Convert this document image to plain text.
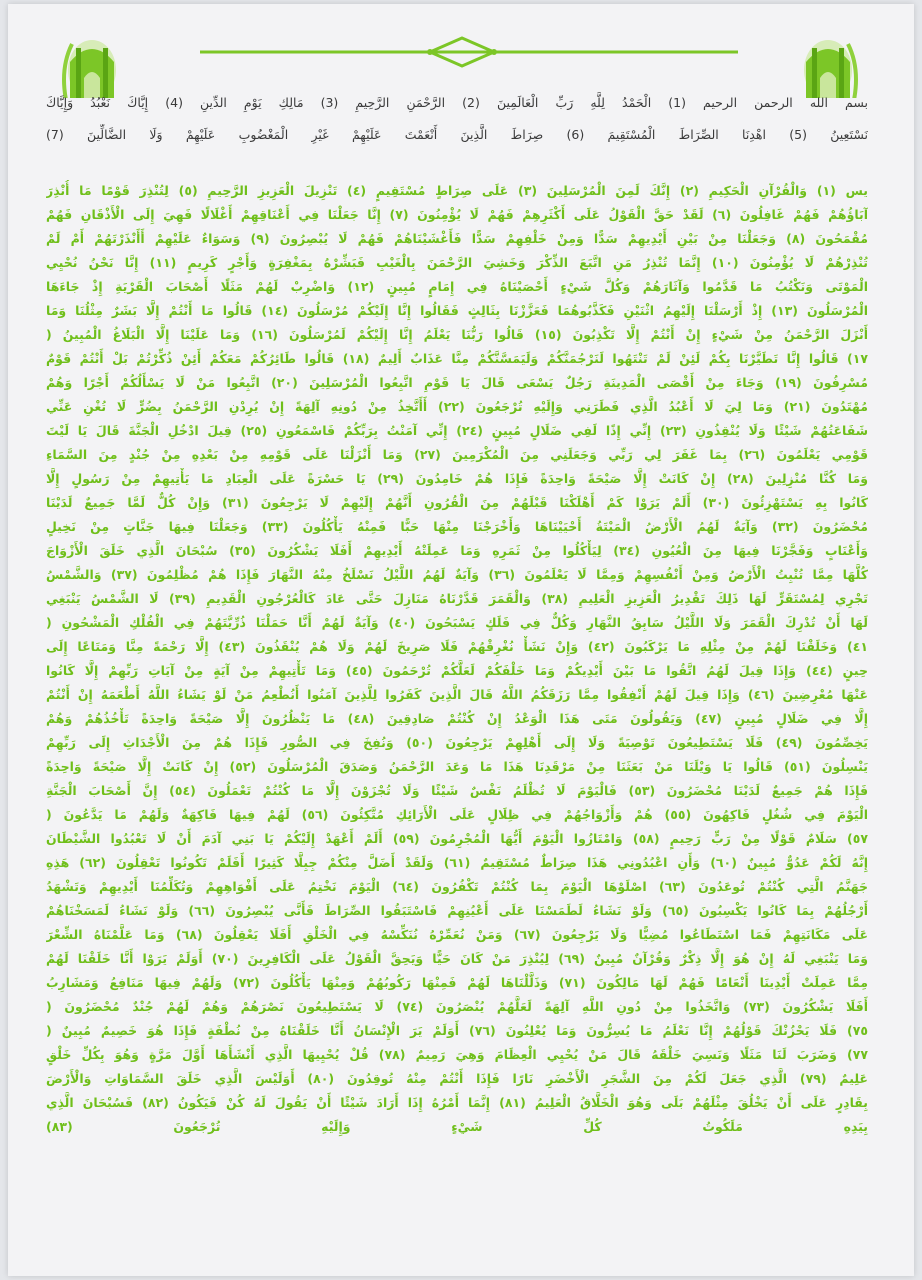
بسم الله الرحمن الرحيم (1) الْحَمْدُ لِلَّهِ رَبِّ الْعَالَمِينَ (2) الرَّحْمَنِ الرَّحِيمِ (3) مَالِكِ يَوْمِ الدِّينِ (4) إِيَّاكَ نَعْبُدُ وَإِيَّاكَ
نَسْتَعِينُ (5) اهْدِنَا الصِّرَاطَ الْمُسْتَقِيمَ (6) صِرَاطَ الَّذِينَ أَنْعَمْتَ عَلَيْهِمْ غَيْرِ الْمَغْضُوبِ عَلَيْهِمْ وَلَا الضَّالِّينَ (7)
يس (١) وَالْقُرْآنِ الْحَكِيمِ (٢) إِنَّكَ لَمِنَ الْمُرْسَلِينَ (٣) عَلَى صِرَاطٍ مُسْتَقِيمٍ (٤) تَنْزِيلَ الْعَزِيزِ الرَّحِيمِ (٥) لِتُنْذِرَ قَوْمًا مَا أُنْذِرَ
آبَاؤُهُمْ فَهُمْ غَافِلُونَ (٦) لَقَدْ حَقَّ الْقَوْلُ عَلَى أَكْثَرِهِمْ فَهُمْ لَا يُؤْمِنُونَ (٧) إِنَّا جَعَلْنَا فِي أَعْنَاقِهِمْ أَغْلَالًا فَهِيَ إِلَى الْأَذْقَانِ فَهُمْ
مُقْمَحُونَ (٨) وَجَعَلْنَا مِنْ بَيْنِ أَيْدِيهِمْ سَدًّا وَمِنْ خَلْفِهِمْ سَدًّا فَأَغْشَيْنَاهُمْ فَهُمْ لَا يُبْصِرُونَ (٩) وَسَوَاءٌ عَلَيْهِمْ أَأَنْذَرْتَهُمْ أَمْ لَمْ
تُنْذِرْهُمْ لَا يُؤْمِنُونَ (١٠) إِنَّمَا تُنْذِرُ مَنِ اتَّبَعَ الذِّكْرَ وَخَشِيَ الرَّحْمَنَ بِالْغَيْبِ فَبَشِّرْهُ بِمَغْفِرَةٍ وَأَجْرٍ كَرِيمٍ (١١) إِنَّا نَحْنُ نُحْيِي
الْمَوْتَى وَنَكْتُبُ مَا قَدَّمُوا وَآثَارَهُمْ وَكُلَّ شَيْءٍ أَحْصَيْنَاهُ فِي إِمَامٍ مُبِينٍ (١٢) وَاضْرِبْ لَهُمْ مَثَلًا أَصْحَابَ الْقَرْيَةِ إِذْ جَاءَهَا
الْمُرْسَلُونَ (١٣) إِذْ أَرْسَلْنَا إِلَيْهِمُ اثْنَيْنِ فَكَذَّبُوهُمَا فَعَزَّزْنَا بِثَالِثٍ فَقَالُوا إِنَّا إِلَيْكُمْ مُرْسَلُونَ (١٤) قَالُوا مَا أَنْتُمْ إِلَّا بَشَرٌ مِثْلُنَا وَمَا
أَنْزَلَ الرَّحْمَنُ مِنْ شَيْءٍ إِنْ أَنْتُمْ إِلَّا تَكْذِبُونَ (١٥) قَالُوا رَبُّنَا يَعْلَمُ إِنَّا إِلَيْكُمْ لَمُرْسَلُونَ (١٦) وَمَا عَلَيْنَا إِلَّا الْبَلَاغُ الْمُبِينُ (
١٧) قَالُوا إِنَّا تَطَيَّرْنَا بِكُمْ لَئِنْ لَمْ تَنْتَهُوا لَنَرْجُمَنَّكُمْ وَلَيَمَسَّنَّكُمْ مِنَّا عَذَابٌ أَلِيمٌ (١٨) قَالُوا طَائِرُكُمْ مَعَكُمْ أَئِنْ ذُكِّرْتُمْ بَلْ أَنْتُمْ قَوْمٌ
مُسْرِفُونَ (١٩) وَجَاءَ مِنْ أَقْصَى الْمَدِينَةِ رَجُلٌ يَسْعَى قَالَ يَا قَوْمِ اتَّبِعُوا الْمُرْسَلِينَ (٢٠) اتَّبِعُوا مَنْ لَا يَسْأَلُكُمْ أَجْرًا وَهُمْ
مُهْتَدُونَ (٢١) وَمَا لِيَ لَا أَعْبُدُ الَّذِي فَطَرَنِي وَإِلَيْهِ تُرْجَعُونَ (٢٢) أَأَتَّخِذُ مِنْ دُونِهِ آلِهَةً إِنْ يُرِدْنِ الرَّحْمَنُ بِضُرٍّ لَا تُغْنِ عَنِّي
شَفَاعَتُهُمْ شَيْئًا وَلَا يُنْقِذُونِ (٢٣) إِنِّي إِذًا لَفِي ضَلَالٍ مُبِينٍ (٢٤) إِنِّي آمَنْتُ بِرَبِّكُمْ فَاسْمَعُونِ (٢٥) قِيلَ ادْخُلِ الْجَنَّةَ قَالَ يَا لَيْتَ
قَوْمِي يَعْلَمُونَ (٢٦) بِمَا غَفَرَ لِي رَبِّي وَجَعَلَنِي مِنَ الْمُكْرَمِينَ (٢٧) وَمَا أَنْزَلْنَا عَلَى قَوْمِهِ مِنْ بَعْدِهِ مِنْ جُنْدٍ مِنَ السَّمَاءِ
وَمَا كُنَّا مُنْزِلِينَ (٢٨) إِنْ كَانَتْ إِلَّا صَيْحَةً وَاحِدَةً فَإِذَا هُمْ خَامِدُونَ (٢٩) يَا حَسْرَةً عَلَى الْعِبَادِ مَا يَأْتِيهِمْ مِنْ رَسُولٍ إِلَّا
كَانُوا بِهِ يَسْتَهْزِئُونَ (٣٠) أَلَمْ يَرَوْا كَمْ أَهْلَكْنَا قَبْلَهُمْ مِنَ الْقُرُونِ أَنَّهُمْ إِلَيْهِمْ لَا يَرْجِعُونَ (٣١) وَإِنْ كُلٌّ لَمَّا جَمِيعٌ لَدَيْنَا
مُحْضَرُونَ (٣٢) وَآيَةٌ لَهُمُ الْأَرْضُ الْمَيْتَةُ أَحْيَيْنَاهَا وَأَخْرَجْنَا مِنْهَا حَبًّا فَمِنْهُ يَأْكُلُونَ (٣٣) وَجَعَلْنَا فِيهَا جَنَّاتٍ مِنْ نَخِيلٍ
وَأَعْنَابٍ وَفَجَّرْنَا فِيهَا مِنَ الْعُيُونِ (٣٤) لِيَأْكُلُوا مِنْ ثَمَرِهِ وَمَا عَمِلَتْهُ أَيْدِيهِمْ أَفَلَا يَشْكُرُونَ (٣٥) سُبْحَانَ الَّذِي خَلَقَ الْأَزْوَاجَ
كُلَّهَا مِمَّا تُنْبِتُ الْأَرْضُ وَمِنْ أَنْفُسِهِمْ وَمِمَّا لَا يَعْلَمُونَ (٣٦) وَآيَةٌ لَهُمُ اللَّيْلُ نَسْلَخُ مِنْهُ النَّهَارَ فَإِذَا هُمْ مُظْلِمُونَ (٣٧) وَالشَّمْسُ
تَجْرِي لِمُسْتَقَرٍّ لَهَا ذَلِكَ تَقْدِيرُ الْعَزِيزِ الْعَلِيمِ (٣٨) وَالْقَمَرَ قَدَّرْنَاهُ مَنَازِلَ حَتَّى عَادَ كَالْعُرْجُونِ الْقَدِيمِ (٣٩) لَا الشَّمْسُ يَنْبَغِي
لَهَا أَنْ تُدْرِكَ الْقَمَرَ وَلَا اللَّيْلُ سَابِقُ النَّهَارِ وَكُلٌّ فِي فَلَكٍ يَسْبَحُونَ (٤٠) وَآيَةٌ لَهُمْ أَنَّا حَمَلْنَا ذُرِّيَّتَهُمْ فِي الْفُلْكِ الْمَشْحُونِ (
٤١) وَخَلَقْنَا لَهُمْ مِنْ مِثْلِهِ مَا يَرْكَبُونَ (٤٢) وَإِنْ نَشَأْ نُغْرِقْهُمْ فَلَا صَرِيخَ لَهُمْ وَلَا هُمْ يُنْقَذُونَ (٤٣) إِلَّا رَحْمَةً مِنَّا وَمَتَاعًا إِلَى
حِينٍ (٤٤) وَإِذَا قِيلَ لَهُمُ اتَّقُوا مَا بَيْنَ أَيْدِيكُمْ وَمَا خَلْفَكُمْ لَعَلَّكُمْ تُرْحَمُونَ (٤٥) وَمَا تَأْتِيهِمْ مِنْ آيَةٍ مِنْ آيَاتِ رَبِّهِمْ إِلَّا كَانُوا
عَنْهَا مُعْرِضِينَ (٤٦) وَإِذَا قِيلَ لَهُمْ أَنْفِقُوا مِمَّا رَزَقَكُمُ اللَّهُ قَالَ الَّذِينَ كَفَرُوا لِلَّذِينَ آمَنُوا أَنُطْعِمُ مَنْ لَوْ يَشَاءُ اللَّهُ أَطْعَمَهُ إِنْ أَنْتُمْ
إِلَّا فِي ضَلَالٍ مُبِينٍ (٤٧) وَيَقُولُونَ مَتَى هَذَا الْوَعْدُ إِنْ كُنْتُمْ صَادِقِينَ (٤٨) مَا يَنْظُرُونَ إِلَّا صَيْحَةً وَاحِدَةً تَأْخُذُهُمْ وَهُمْ
يَخِصِّمُونَ (٤٩) فَلَا يَسْتَطِيعُونَ تَوْصِيَةً وَلَا إِلَى أَهْلِهِمْ يَرْجِعُونَ (٥٠) وَنُفِخَ فِي الصُّورِ فَإِذَا هُمْ مِنَ الْأَجْدَاثِ إِلَى رَبِّهِمْ
يَنْسِلُونَ (٥١) قَالُوا يَا وَيْلَنَا مَنْ بَعَثَنَا مِنْ مَرْقَدِنَا هَذَا مَا وَعَدَ الرَّحْمَنُ وَصَدَقَ الْمُرْسَلُونَ (٥٢) إِنْ كَانَتْ إِلَّا صَيْحَةً وَاحِدَةً
فَإِذَا هُمْ جَمِيعٌ لَدَيْنَا مُحْضَرُونَ (٥٣) فَالْيَوْمَ لَا تُظْلَمُ نَفْسٌ شَيْئًا وَلَا تُجْزَوْنَ إِلَّا مَا كُنْتُمْ تَعْمَلُونَ (٥٤) إِنَّ أَصْحَابَ الْجَنَّةِ
الْيَوْمَ فِي شُغُلٍ فَاكِهُونَ (٥٥) هُمْ وَأَزْوَاجُهُمْ فِي ظِلَالٍ عَلَى الْأَرَائِكِ مُتَّكِئُونَ (٥٦) لَهُمْ فِيهَا فَاكِهَةٌ وَلَهُمْ مَا يَدَّعُونَ (
٥٧) سَلَامٌ قَوْلًا مِنْ رَبٍّ رَحِيمٍ (٥٨) وَامْتَازُوا الْيَوْمَ أَيُّهَا الْمُجْرِمُونَ (٥٩) أَلَمْ أَعْهَدْ إِلَيْكُمْ يَا بَنِي آدَمَ أَنْ لَا تَعْبُدُوا الشَّيْطَانَ
إِنَّهُ لَكُمْ عَدُوٌّ مُبِينٌ (٦٠) وَأَنِ اعْبُدُونِي هَذَا صِرَاطٌ مُسْتَقِيمٌ (٦١) وَلَقَدْ أَضَلَّ مِنْكُمْ جِبِلًّا كَثِيرًا أَفَلَمْ تَكُونُوا تَعْقِلُونَ (٦٢) هَذِهِ
جَهَنَّمُ الَّتِي كُنْتُمْ تُوعَدُونَ (٦٣) اصْلَوْهَا الْيَوْمَ بِمَا كُنْتُمْ تَكْفُرُونَ (٦٤) الْيَوْمَ نَخْتِمُ عَلَى أَفْوَاهِهِمْ وَتُكَلِّمُنَا أَيْدِيهِمْ وَتَشْهَدُ
أَرْجُلُهُمْ بِمَا كَانُوا يَكْسِبُونَ (٦٥) وَلَوْ نَشَاءُ لَطَمَسْنَا عَلَى أَعْيُنِهِمْ فَاسْتَبَقُوا الصِّرَاطَ فَأَنَّى يُبْصِرُونَ (٦٦) وَلَوْ نَشَاءُ لَمَسَخْنَاهُمْ
عَلَى مَكَانَتِهِمْ فَمَا اسْتَطَاعُوا مُضِيًّا وَلَا يَرْجِعُونَ (٦٧) وَمَنْ نُعَمِّرْهُ نُنَكِّسْهُ فِي الْخَلْقِ أَفَلَا يَعْقِلُونَ (٦٨) وَمَا عَلَّمْنَاهُ الشِّعْرَ
وَمَا يَنْبَغِي لَهُ إِنْ هُوَ إِلَّا ذِكْرٌ وَقُرْآنٌ مُبِينٌ (٦٩) لِيُنْذِرَ مَنْ كَانَ حَيًّا وَيَحِقَّ الْقَوْلُ عَلَى الْكَافِرِينَ (٧٠) أَوَلَمْ يَرَوْا أَنَّا خَلَقْنَا لَهُمْ
مِمَّا عَمِلَتْ أَيْدِينَا أَنْعَامًا فَهُمْ لَهَا مَالِكُونَ (٧١) وَذَلَّلْنَاهَا لَهُمْ فَمِنْهَا رَكُوبُهُمْ وَمِنْهَا يَأْكُلُونَ (٧٢) وَلَهُمْ فِيهَا مَنَافِعُ وَمَشَارِبُ
أَفَلَا يَشْكُرُونَ (٧٣) وَاتَّخَذُوا مِنْ دُونِ اللَّهِ آلِهَةً لَعَلَّهُمْ يُنْصَرُونَ (٧٤) لَا يَسْتَطِيعُونَ نَصْرَهُمْ وَهُمْ لَهُمْ جُنْدٌ مُحْضَرُونَ (
٧٥) فَلَا يَحْزُنْكَ قَوْلُهُمْ إِنَّا نَعْلَمُ مَا يُسِرُّونَ وَمَا يُعْلِنُونَ (٧٦) أَوَلَمْ يَرَ الْإِنْسَانُ أَنَّا خَلَقْنَاهُ مِنْ نُطْفَةٍ فَإِذَا هُوَ خَصِيمٌ مُبِينٌ (
٧٧) وَضَرَبَ لَنَا مَثَلًا وَنَسِيَ خَلْقَهُ قَالَ مَنْ يُحْيِي الْعِظَامَ وَهِيَ رَمِيمٌ (٧٨) قُلْ يُحْيِيهَا الَّذِي أَنْشَأَهَا أَوَّلَ مَرَّةٍ وَهُوَ بِكُلِّ خَلْقٍ
عَلِيمٌ (٧٩) الَّذِي جَعَلَ لَكُمْ مِنَ الشَّجَرِ الْأَخْضَرِ نَارًا فَإِذَا أَنْتُمْ مِنْهُ تُوقِدُونَ (٨٠) أَوَلَيْسَ الَّذِي خَلَقَ السَّمَاوَاتِ وَالْأَرْضَ
بِقَادِرٍ عَلَى أَنْ يَخْلُقَ مِثْلَهُمْ بَلَى وَهُوَ الْخَلَّاقُ الْعَلِيمُ (٨١) إِنَّمَا أَمْرُهُ إِذَا أَرَادَ شَيْئًا أَنْ يَقُولَ لَهُ كُنْ فَيَكُونُ (٨٢) فَسُبْحَانَ الَّذِي
بِيَدِهِ مَلَكُوتُ كُلِّ شَيْءٍ وَإِلَيْهِ تُرْجَعُونَ (٨٣)
